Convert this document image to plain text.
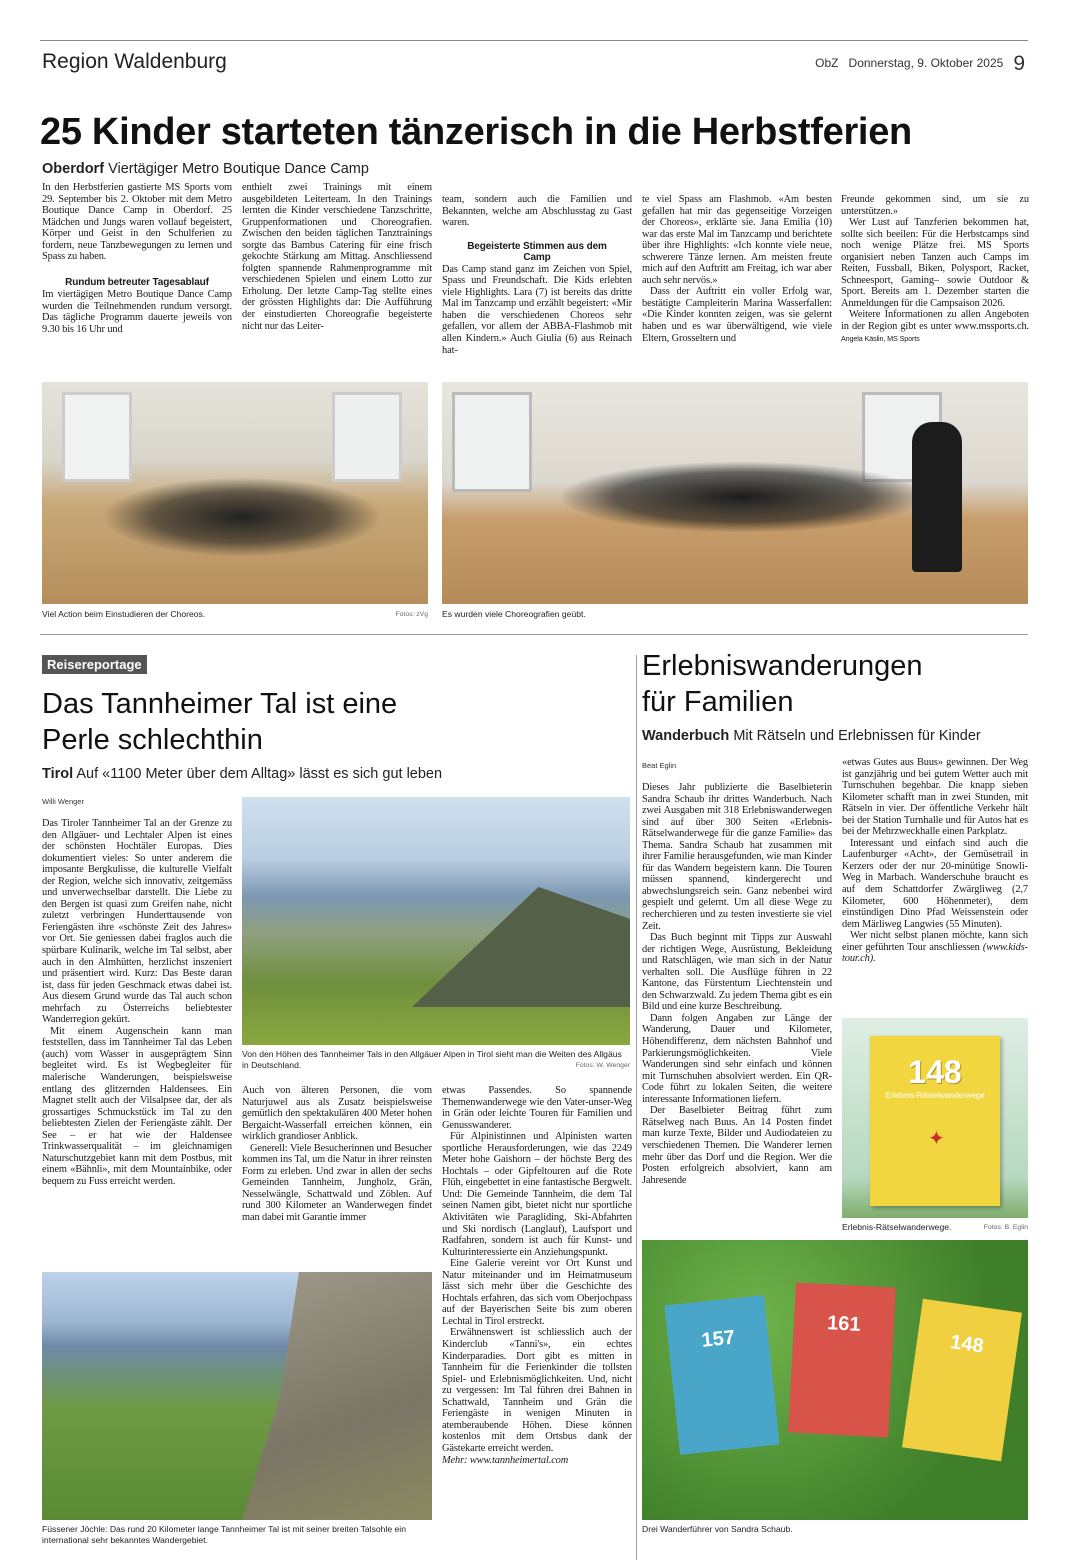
Region Waldenburg	ObZ Donnerstag, 9. Oktober 2025 9
25 Kinder starteten tänzerisch in die Herbstferien
Oberdorf Viertägiger Metro Boutique Dance Camp

In den Herbstferien gastierte MS Sports vom 29. September bis 2. Oktober mit dem Metro Boutique Dance Camp in Oberdorf. 25 Mädchen und Jungs waren vollauf begeistert, Körper und Geist in den Schulferien zu fordern, neue Tanzbewegungen zu lernen und Spass zu haben.

Rundum betreuter Tagesablauf

Im viertägigen Metro Boutique Dance Camp wurden die Teilnehmenden rundum versorgt. Das tägliche Programm dauerte jeweils von 9.30 bis 16 Uhr und

enthielt zwei Trainings mit einem ausgebildeten Leiterteam. In den Trainings lernten die Kinder verschiedene Tanzschritte, Gruppenformationen und Choreografien. Zwischen den beiden täglichen Tanztrainings sorgte das Bambus Catering für eine frisch gekochte Stärkung am Mittag. Anschliessend folgten spannende Rahmenprogramme mit verschiedenen Spielen und einem Lotto zur Erholung. Der letzte Camp-Tag stellte eines der grössten Highlights dar: Die Aufführung der einstudierten Choreografie begeisterte nicht nur das Leiter-

team, sondern auch die Familien und Bekannten, welche am Abschlusstag zu Gast waren.

Begeisterte Stimmen aus dem Camp

Das Camp stand ganz im Zeichen von Spiel, Spass und Freundschaft. Die Kids erlebten viele Highlights. Lara (7) ist bereits das dritte Mal im Tanzcamp und erzählt begeistert: «Mir haben die verschiedenen Choreos sehr gefallen, vor allem der ABBA-Flashmob mit allen Kindern.» Auch Giulia (6) aus Reinach hat-

te viel Spass am Flashmob. «Am besten gefallen hat mir das gegenseitige Vorzeigen der Choreos», erklärte sie. Jana Emilia (10) war das erste Mal im Tanzcamp und berichtete über ihre Highlights: «Ich konnte viele neue, schwerere Tänze lernen. Am meisten freute mich auf den Auftritt am Freitag, ich war aber auch sehr nervös.»

Dass der Auftritt ein voller Erfolg war, bestätigte Campleiterin Marina Wasserfallen: «Die Kinder konnten zeigen, was sie gelernt haben und es war überwältigend, wie viele Eltern, Grosseltern und

Freunde gekommen sind, um sie zu unterstützen.»

Wer Lust auf Tanzferien bekommen hat, sollte sich beeilen: Für die Herbstcamps sind noch wenige Plätze frei. MS Sports organisiert neben Tanzen auch Camps im Reiten, Fussball, Biken, Polysport, Racket, Schneesport, Gaming– sowie Outdoor & Sport. Bereits am 1. Dezember starten die Anmeldungen für die Campsaison 2026.

Weitere Informationen zu allen Angeboten in der Region gibt es unter www.mssports.ch. Angela Käslin, MS Sports

Viel Action beim Einstudieren der Choreos.	Fotos: zVg Es wurden viele Choreografien geübt.
Reisereportage
Das Tannheimer Tal ist eine
Perle schlechthin
Tirol Auf «1100 Meter über dem Alltag» lässt es sich gut leben
Willi Wenger

Das Tiroler Tannheimer Tal an der Grenze zu den Allgäuer- und Lechtaler Alpen ist eines der schönsten Hochtäler Europas. Dies dokumentiert vieles: So unter anderem die imposante Bergkulisse, die kulturelle Vielfalt der Region, welche sich innovativ, zeitgemäss und unverwechselbar darstellt. Die Liebe zu den Bergen ist quasi zum Greifen nahe, nicht zuletzt verbringen Hunderttausende von Feriengästen ihre «schönste Zeit des Jahres» vor Ort. Sie geniessen dabei fraglos auch die spürbare Kulinarik, welche im Tal selbst, aber auch in den Almhütten, herzlichst inszeniert und präsentiert wird. Kurz: Das Beste daran ist, dass für jeden Geschmack etwas dabei ist. Aus diesem Grund wurde das Tal auch schon mehrfach zu Österreichs beliebtester Wanderregion gekürt.

Mit einem Augenschein kann man feststellen, dass im Tannheimer Tal das Leben (auch) vom Wasser in ausgeprägtem Sinn begleitet wird. Es ist Wegbegleiter für malerische Wanderungen, beispielsweise entlang des glitzernden Haldensees. Ein Magnet stellt auch der Vilsalpsee dar, der als grossartiges Schmuckstück im Tal zu den beliebtesten Zielen der Feriengäste zählt. Der See – er hat wie der Haldensee Trinkwasserqualität – im gleichnamigen Naturschutzgebiet kann mit dem Postbus, mit einem «Bähnli», mit dem Mountainbike, oder bequem zu Fuss erreicht werden.

Von den Höhen des Tannheimer Tals in den Allgäuer Alpen in Tirol sieht man die Weiten des Allgäus in Deutschland.	Fotos: W. Wenger

Auch von älteren Personen, die vom Naturjuwel aus als Zusatz beispielsweise gemütlich den spektakulären 400 Meter hohen Bergaicht-Wasserfall erreichen können, ein wirklich grandioser Anblick.

Generell: Viele Besucherinnen und Besucher kommen ins Tal, um die Natur in ihrer reinsten Form zu erleben. Und zwar in allen der sechs Gemeinden Tannheim, Jungholz, Grän, Nesselwängle, Schattwald und Zöblen. Auf rund 300 Kilometer an Wanderwegen findet man dabei mit Garantie immer

etwas Passendes. So spannende Themenwanderwege wie den Vater-unser-Weg in Grän oder leichte Touren für Familien und Genusswanderer.

Für Alpinistinnen und Alpinisten warten sportliche Herausforderungen, wie das 2249 Meter hohe Gaishorn – der höchste Berg des Hochtals – oder Gipfeltouren auf die Rote Flüh, eingebettet in eine fantastische Bergwelt. Und: Die Gemeinde Tannheim, die dem Tal seinen Namen gibt, bietet nicht nur sportliche Aktivitäten wie Paragliding, Ski-Abfahrten und Ski nordisch (Langlauf), Laufsport und Radfahren, sondern ist auch für Kunst- und Kulturinteressierte ein Anziehungspunkt.

Eine Galerie vereint vor Ort Kunst und Natur miteinander und im Heimatmuseum lässt sich mehr über die Geschichte des Hochtals erfahren, das sich vom Oberjochpass auf der Bayerischen Seite bis zum oberen Lechtal in Tirol erstreckt.

Erwähnenswert ist schliesslich auch der Kinderclub «Tanni's», ein echtes Kinderparadies. Dort gibt es mitten in Tannheim für die Ferienkinder die tollsten Spiel- und Erlebnismöglichkeiten. Und, nicht zu vergessen: Im Tal führen drei Bahnen in Schattwald, Tannheim und Grän die Feriengäste in wenigen Minuten in atemberaubende Höhen. Diese können kostenlos mit dem Ortsbus dank der Gästekarte erreicht werden.

Mehr: www.tannheimertal.com

Füssener Jöchle: Das rund 20 Kilometer lange Tannheimer Tal ist mit seiner breiten Talsohle ein international sehr bekanntes Wandergebiet.
Erlebniswanderungen
für Familien
Wanderbuch Mit Rätseln und Erlebnissen für Kinder
Beat Eglin

Dieses Jahr publizierte die Baselbieterin Sandra Schaub ihr drittes Wanderbuch. Nach zwei Ausgaben mit 318 Erlebniswanderwegen sind auf über 300 Seiten «Erlebnis-Rätselwanderwege für die ganze Familie» das Thema. Sandra Schaub hat zusammen mit ihrer Familie herausgefunden, wie man Kinder für das Wandern begeistern kann. Die Touren müssen spannend, kindergerecht und abwechslungsreich sein. Ganz nebenbei wird gespielt und gelernt. Um all diese Wege zu recherchieren und zu testen investierte sie viel Zeit.

Das Buch beginnt mit Tipps zur Auswahl der richtigen Wege, Ausrüstung, Bekleidung und Ratschlägen, wie man sich in der Natur verhalten soll. Die Ausflüge führen in 22 Kantone, das Fürstentum Liechtenstein und den Schwarzwald. Zu jedem Thema gibt es ein Bild und eine kurze Beschreibung.

Dann folgen Angaben zur Länge der Wanderung, Dauer und Kilometer, Höhendifferenz, dem nächsten Bahnhof und Parkierungsmöglichkeiten. Viele Wanderungen sind sehr einfach und können mit Turnschuhen absolviert werden. Ein QR-Code führt zu lokalen Seiten, die weitere interessante Informationen liefern.

Der Baselbieter Beitrag führt zum Rätselweg nach Buus. An 14 Posten findet man kurze Texte, Bilder und Audiodateien zu verschiedenen Themen. Die Wanderer lernen mehr über das Dorf und die Region. Wer die Posten erfolgreich absolviert, kann am Jahresende

«etwas Gutes aus Buus» gewinnen. Der Weg ist ganzjährig und bei gutem Wetter auch mit Turnschuhen begehbar. Die knapp sieben Kilometer schafft man in zwei Stunden, mit Rätseln in vier. Der öffentliche Verkehr hält bei der Station Turnhalle und für Autos hat es bei der Mehrzweckhalle einen Parkplatz.

Interessant und einfach sind auch die Laufenburger «Acht», der Gemüsetrail in Kerzers oder der nur 20-minütige Snowli-Weg in Marbach. Wanderschuhe braucht es auf dem Schattdorfer Zwärgliweg (2,7 Kilometer, 600 Höhenmeter), dem einstündigen Dino Pfad Weissenstein oder dem Märliweg Langwies (55 Minuten).

Wer nicht selbst planen möchte, kann sich einer geführten Tour anschliessen (www.kids-tour.ch).

148
Erlebnis-Rätselwanderwege
✦
Erlebnis-Rätselwanderwege.	Fotos: B. Eglin
157
161
148
Drei Wanderführer von Sandra Schaub.
